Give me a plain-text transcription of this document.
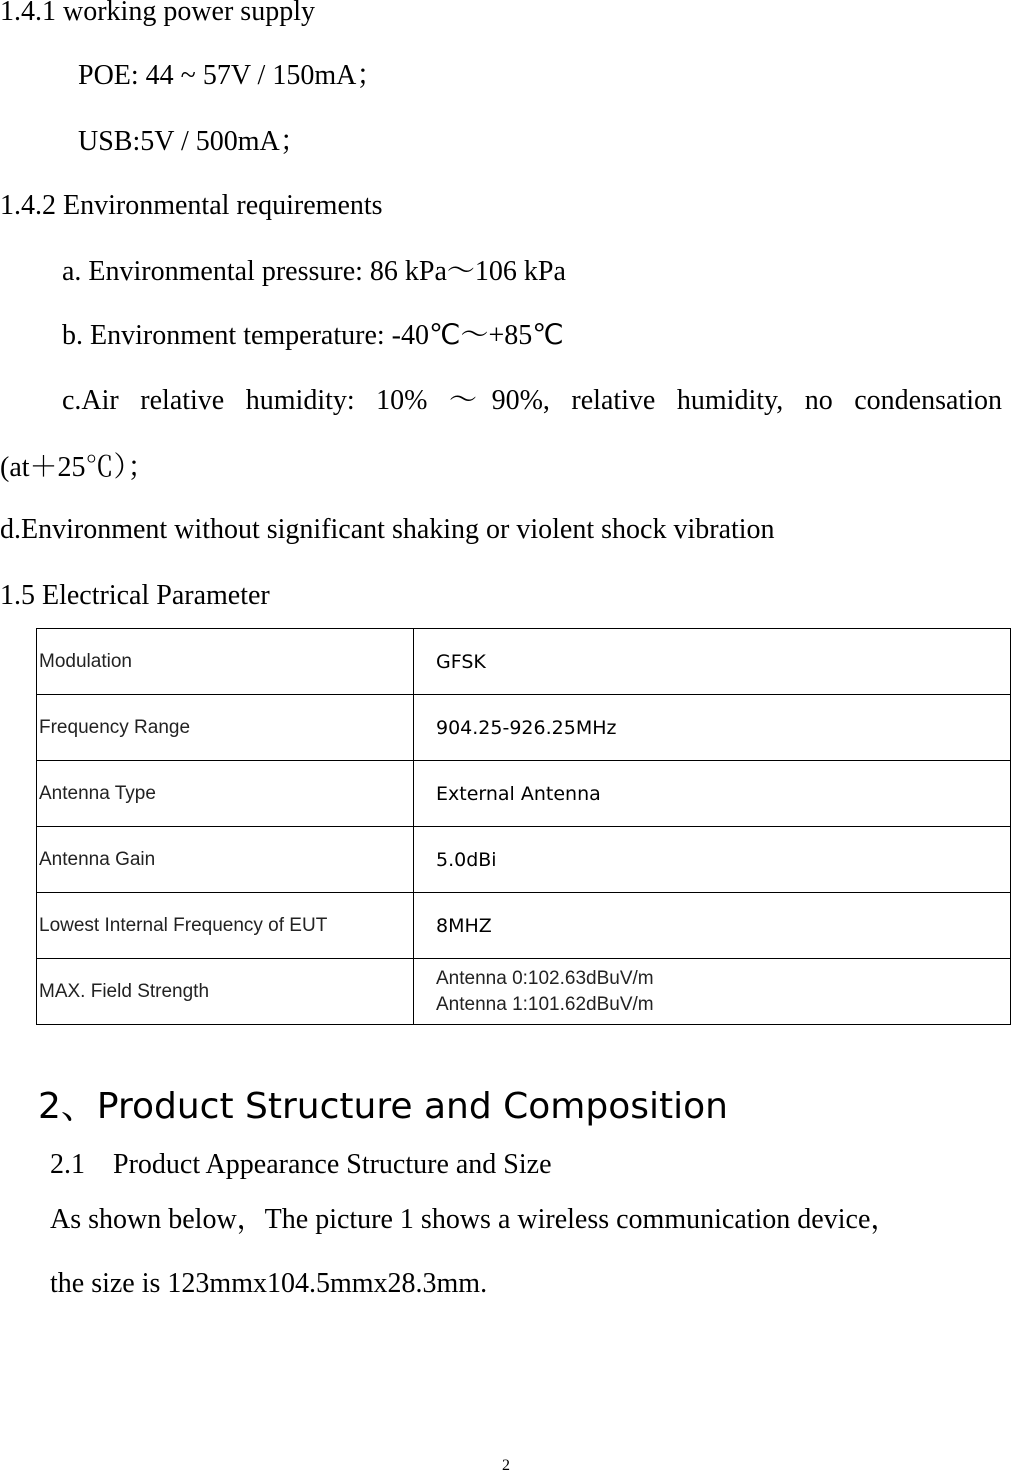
1.4.1 working power supply
POE: 44 ~ 57V / 150mA；
USB:5V / 500mA；
1.4.2 Environmental requirements
a. Environmental pressure: 86 kPa～106 kPa
b. Environment temperature: -40℃～+85℃
c.Air relative humidity: 10% ～90%, relative humidity, no condensation
(at＋25℃）；
d.Environment without significant shaking or violent shock vibration
1.5 Electrical Parameter
Modulation	GFSK
Frequency Range	904.25-926.25MHz
Antenna Type	External Antenna
Antenna Gain	5.0dBi
Lowest Internal Frequency of EUT	8MHZ
MAX. Field Strength	Antenna 0:102.63dBuV/m
Antenna 1:101.62dBuV/m
2、Product Structure and Composition
2.1　Product Appearance Structure and Size
As shown below，The picture 1 shows a wireless communication device，
the size is 123mmx104.5mmx28.3mm.
2
